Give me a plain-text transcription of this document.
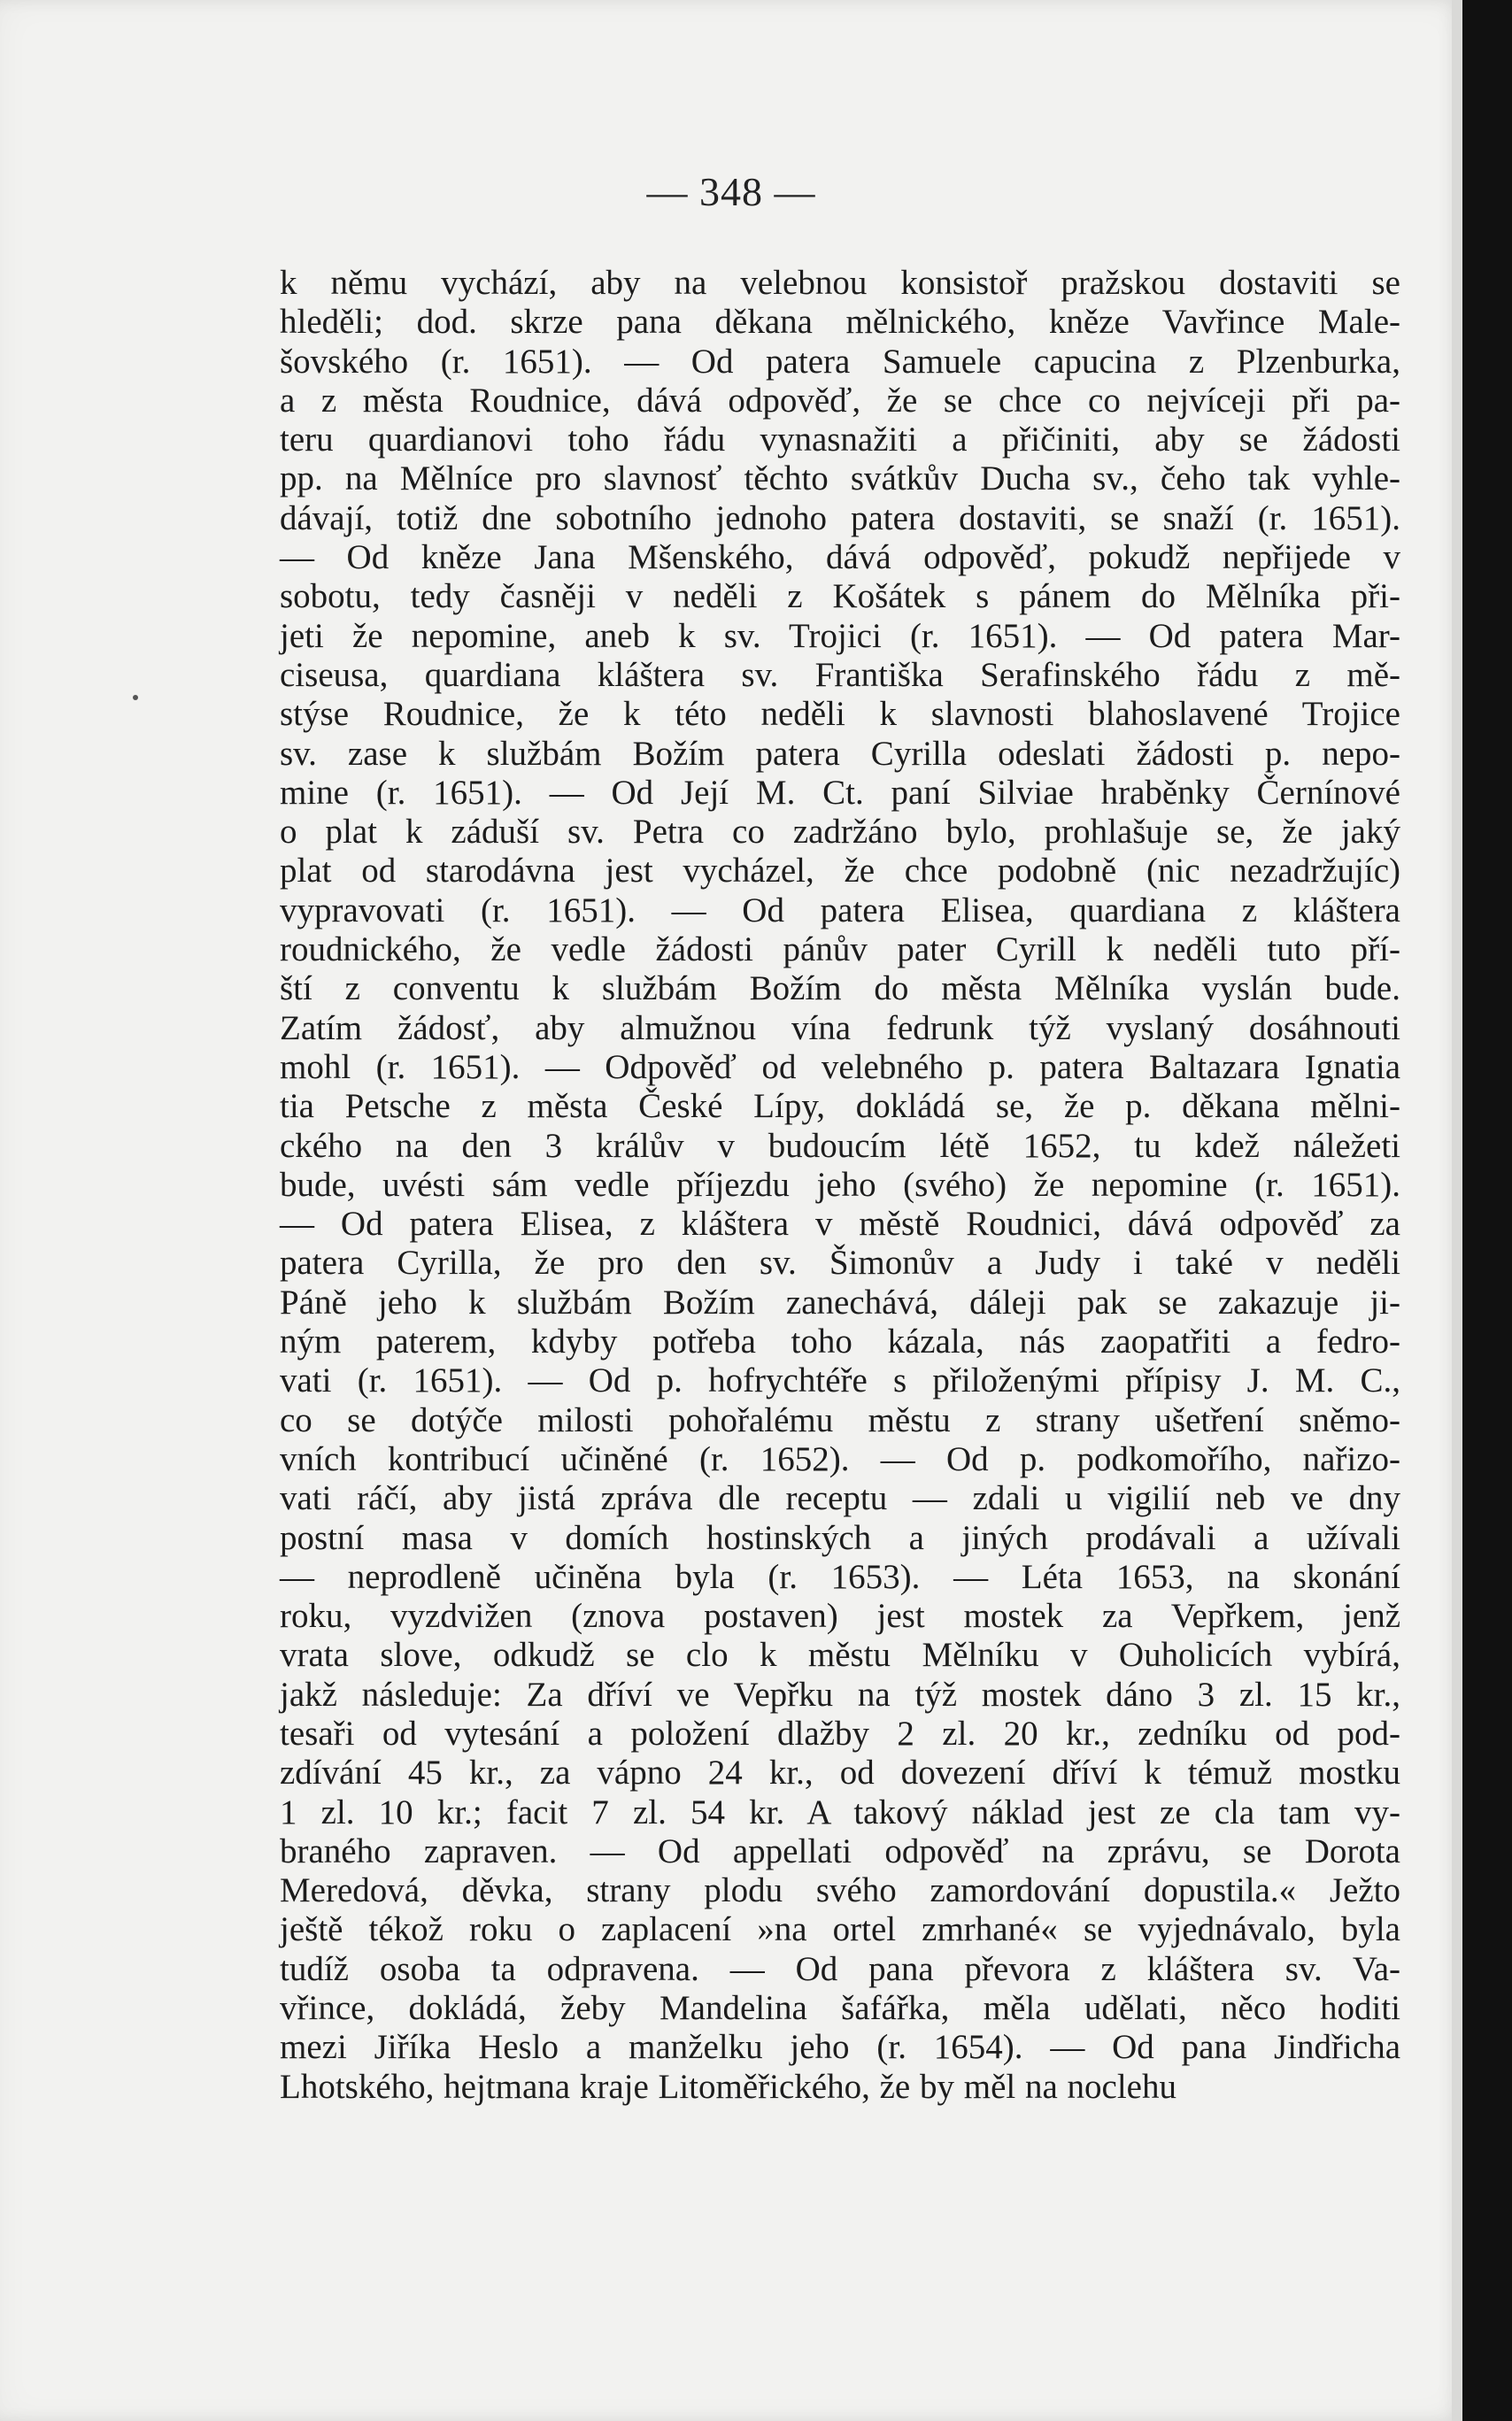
— 348 —
k němu vychází, aby na velebnou konsistoř pražskou dostaviti se
hleděli; dod. skrze pana děkana mělnického, kněze Vavřince Male-
šovského (r. 1651). — Od patera Samuele capucina z Plzenburka,
a z města Roudnice, dává odpověď, že se chce co nejvíceji při pa-
teru quardianovi toho řádu vynasnažiti a přičiniti, aby se žádosti
pp. na Mělníce pro slavnosť těchto svátkův Ducha sv., čeho tak vyhle-
dávají, totiž dne sobotního jednoho patera dostaviti, se snaží (r. 1651).
— Od kněze Jana Mšenského, dává odpověď, pokudž nepřijede v
sobotu, tedy časněji v neděli z Košátek s pánem do Mělníka při-
jeti že nepomine, aneb k sv. Trojici (r. 1651). — Od patera Mar-
ciseusa, quardiana kláštera sv. Františka Serafinského řádu z mě-
stýse Roudnice, že k této neděli k slavnosti blahoslavené Trojice
sv. zase k službám Božím patera Cyrilla odeslati žádosti p. nepo-
mine (r. 1651). — Od Její M. Ct. paní Silviae hraběnky Černínové
o plat k záduší sv. Petra co zadržáno bylo, prohlašuje se, že jaký
plat od starodávna jest vycházel, že chce podobně (nic nezadržujíc)
vypravovati (r. 1651). — Od patera Elisea, quardiana z kláštera
roudnického, že vedle žádosti pánův pater Cyrill k neděli tuto pří-
ští z conventu k službám Božím do města Mělníka vyslán bude.
Zatím žádosť, aby almužnou vína fedrunk týž vyslaný dosáhnouti
mohl (r. 1651). — Odpověď od velebného p. patera Baltazara Ignatia
tia Petsche z města České Lípy, dokládá se, že p. děkana mělni-
ckého na den 3 králův v budoucím létě 1652, tu kdež náležeti
bude, uvésti sám vedle příjezdu jeho (svého) že nepomine (r. 1651).
— Od patera Elisea, z kláštera v městě Roudnici, dává odpověď za
patera Cyrilla, že pro den sv. Šimonův a Judy i také v neděli
Páně jeho k službám Božím zanechává, dáleji pak se zakazuje ji-
ným paterem, kdyby potřeba toho kázala, nás zaopatřiti a fedro-
vati (r. 1651). — Od p. hofrychtéře s přiloženými přípisy J. M. C.,
co se dotýče milosti pohořalému městu z strany ušetření sněmo-
vních kontribucí učiněné (r. 1652). — Od p. podkomořího, nařizo-
vati ráčí, aby jistá zpráva dle receptu — zdali u vigilií neb ve dny
postní masa v domích hostinských a jiných prodávali a užívali
— neprodleně učiněna byla (r. 1653). — Léta 1653, na skonání
roku, vyzdvižen (znova postaven) jest mostek za Vepřkem, jenž
vrata slove, odkudž se clo k městu Mělníku v Ouholicích vybírá,
jakž následuje: Za dříví ve Vepřku na týž mostek dáno 3 zl. 15 kr.,
tesaři od vytesání a položení dlažby 2 zl. 20 kr., zedníku od pod-
zdívání 45 kr., za vápno 24 kr., od dovezení dříví k témuž mostku
1 zl. 10 kr.; facit 7 zl. 54 kr. A takový náklad jest ze cla tam vy-
braného zapraven. — Od appellati odpověď na zprávu, se Dorota
Meredová, děvka, strany plodu svého zamordování dopustila.« Ježto
ještě tékož roku o zaplacení »na ortel zmrhané« se vyjednávalo, byla
tudíž osoba ta odpravena. — Od pana převora z kláštera sv. Va-
vřince, dokládá, žeby Mandelina šafářka, měla udělati, něco hoditi
mezi Jiříka Heslo a manželku jeho (r. 1654). — Od pana Jindřicha
Lhotského, hejtmana kraje Litoměřického, že by měl na noclehu
